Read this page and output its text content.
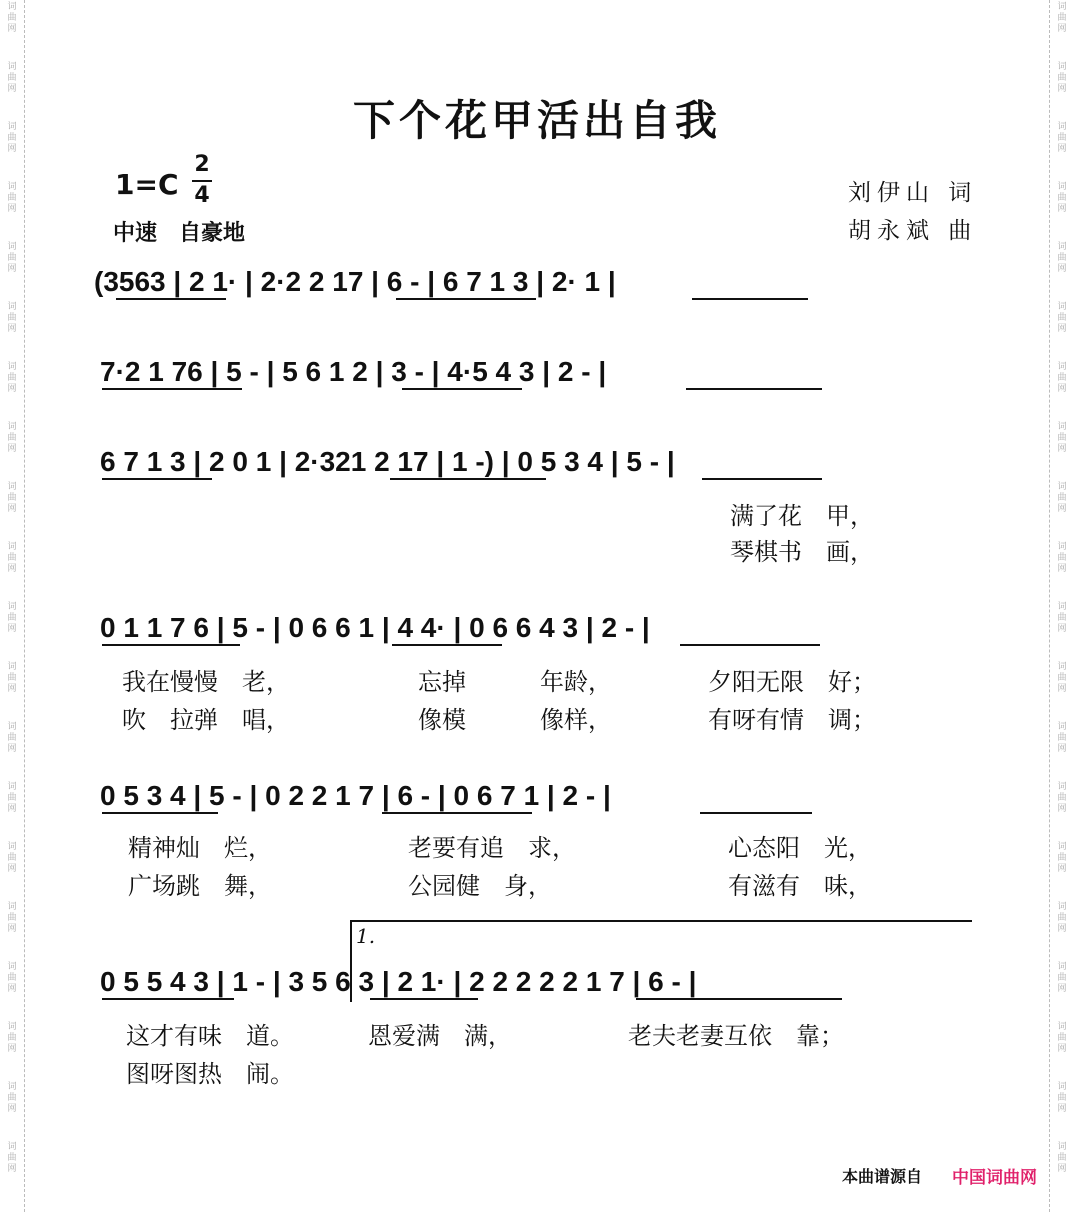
词
曲
网
词
曲
网
词
曲
网
词
曲
网
词
曲
网
词
曲
网
词
曲
网
词
曲
网
词
曲
网
词
曲
网
词
曲
网
词
曲
网
词
曲
网
词
曲
网
词
曲
网
词
曲
网
词
曲
网
词
曲
网
词
曲
网
词
曲
网
词
曲
网
词
曲
网
词
曲
网
词
曲
网
词
曲
网
词
曲
网
词
曲
网
词
曲
网
词
曲
网
词
曲
网
词
曲
网
词
曲
网
词
曲
网
词
曲
网
词
曲
网
词
曲
网
词
曲
网
词
曲
网
词
曲
网
词
曲
网
下个花甲活出自我
1=C
2
4
中速　自豪地
刘伊山 词
胡永斌 曲
(3563 | 2 1· | 2·2 2 17 | 6 - | 6 7 1 3 | 2· 1 |
7·2 1 76 | 5 - | 5 6 1 2 | 3 - | 4·5 4 3 | 2 - |
6 7 1 3 | 2 0 1 | 2·321 2 17 | 1 -) | 0 5 3 4 | 5 - |
0 1 1 7 6 | 5 - | 0 6 6 1 | 4 4· | 0 6 6 4 3 | 2 - |
0 5 3 4 | 5 - | 0 2 2 1 7 | 6 - | 0 6 7 1 | 2 - |
0 5 5 4 3 | 1 - | 3 5 6 3 | 2 1· | 2 2 2 2 2 1 7 | 6 - |
1.
满了花　甲，
琴棋书　画，
我在慢慢　老，	忘掉	年龄，	夕阳无限　好；
吹　拉弹　唱，	像模	像样，	有呀有情　调；
精神灿　烂，	老要有追　求，	心态阳　光，
广场跳　舞，	公园健　身，	有滋有　味，
这才有味　道。	恩爱满　满，	老夫老妻互依　靠；
图呀图热　闹。
本曲谱源自 中国词曲网
